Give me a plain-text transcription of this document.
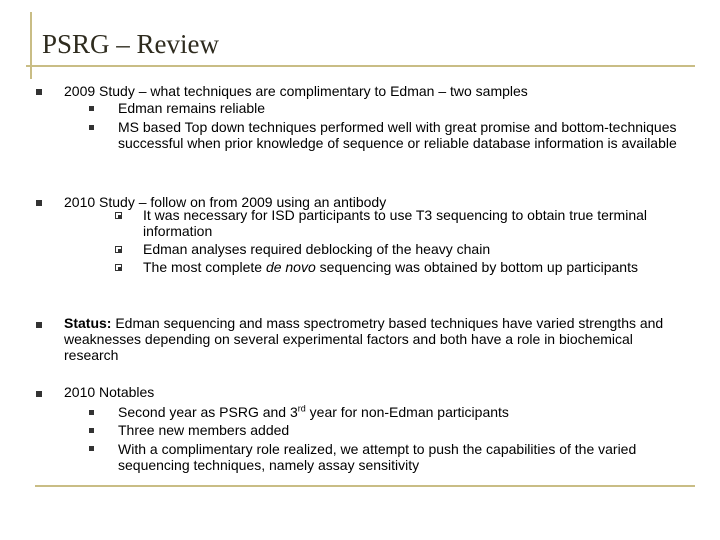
PSRG – Review
2009 Study – what techniques are complimentary to Edman – two samples
Edman remains reliable
MS based Top down techniques performed well with great promise and bottom-techniques successful when prior knowledge of sequence or reliable database information is available
2010 Study – follow on from 2009 using an antibody
It was necessary for ISD participants to use T3 sequencing to obtain true terminal information
Edman analyses required deblocking of the heavy chain
The most complete de novo sequencing was obtained by bottom up participants
Status: Edman sequencing and mass spectrometry based techniques have varied strengths and weaknesses depending on several experimental factors and both have a role in biochemical research
2010 Notables
Second year as PSRG and 3rd year for non-Edman participants
Three new members added
With a complimentary role realized, we attempt to push the capabilities of the varied sequencing techniques, namely assay sensitivity
